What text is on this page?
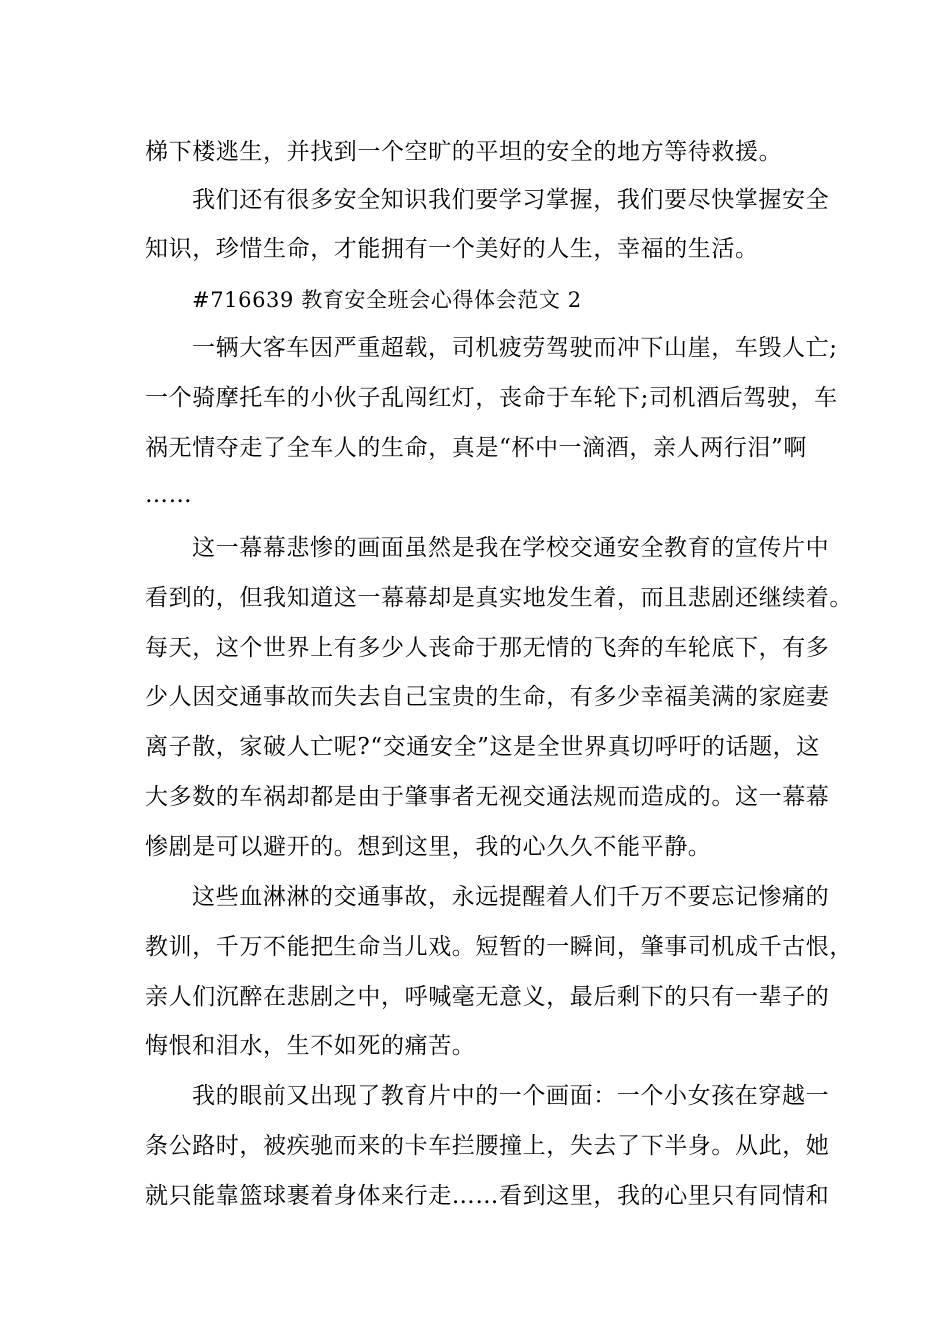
梯下楼逃生，并找到一个空旷的平坦的安全的地方等待救援。
我们还有很多安全知识我们要学习掌握，我们要尽快掌握安全
知识，珍惜生命，才能拥有一个美好的人生，幸福的生活。
#716639 教育安全班会心得体会范文 2
一辆大客车因严重超载，司机疲劳驾驶而冲下山崖，车毁人亡;
一个骑摩托车的小伙子乱闯红灯，丧命于车轮下;司机酒后驾驶，车
祸无情夺走了全车人的生命，真是“杯中一滴酒，亲人两行泪”啊
……
这一幕幕悲惨的画面虽然是我在学校交通安全教育的宣传片中
看到的，但我知道这一幕幕却是真实地发生着，而且悲剧还继续着。
每天，这个世界上有多少人丧命于那无情的飞奔的车轮底下，有多
少人因交通事故而失去自己宝贵的生命，有多少幸福美满的家庭妻
离子散，家破人亡呢?“交通安全”这是全世界真切呼吁的话题，这
大多数的车祸却都是由于肇事者无视交通法规而造成的。这一幕幕
惨剧是可以避开的。想到这里，我的心久久不能平静。
这些血淋淋的交通事故，永远提醒着人们千万不要忘记惨痛的
教训，千万不能把生命当儿戏。短暂的一瞬间，肇事司机成千古恨，
亲人们沉醉在悲剧之中，呼喊毫无意义，最后剩下的只有一辈子的
悔恨和泪水，生不如死的痛苦。
我的眼前又出现了教育片中的一个画面：一个小女孩在穿越一
条公路时，被疾驰而来的卡车拦腰撞上，失去了下半身。从此，她
就只能靠篮球裹着身体来行走……看到这里，我的心里只有同情和
